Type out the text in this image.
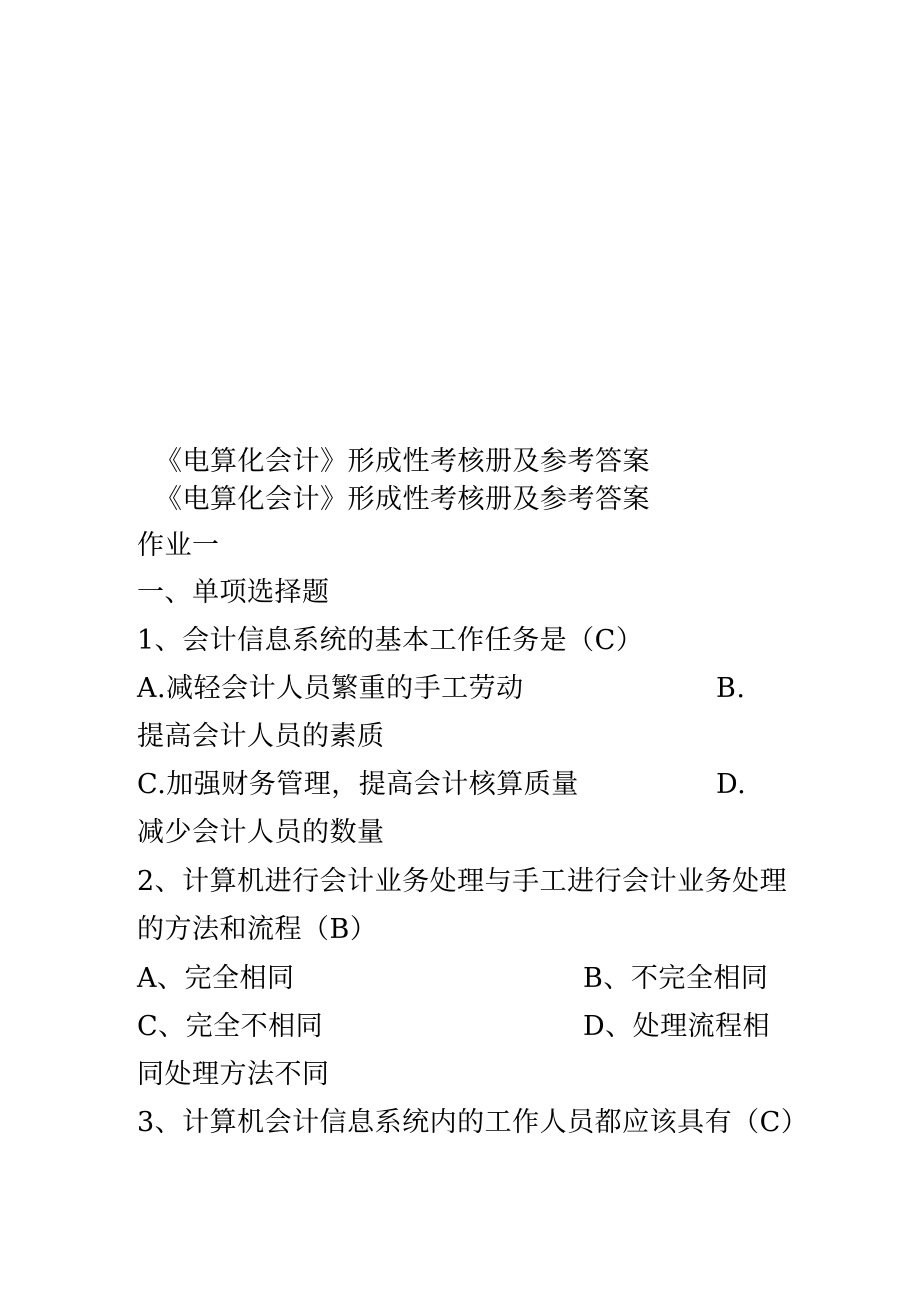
《电算化会计》形成性考核册及参考答案
《电算化会计》形成性考核册及参考答案
作业一
一、单项选择题
1、会计信息系统的基本工作任务是（C）
A.减轻会计人员繁重的手工劳动	B.
提高会计人员的素质
C.加强财务管理，提高会计核算质量	D.
减少会计人员的数量
2、计算机进行会计业务处理与手工进行会计业务处理
的方法和流程（B）
A、完全相同	B、不完全相同
C、完全不相同	D、处理流程相
同处理方法不同
3、计算机会计信息系统内的工作人员都应该具有（C）
